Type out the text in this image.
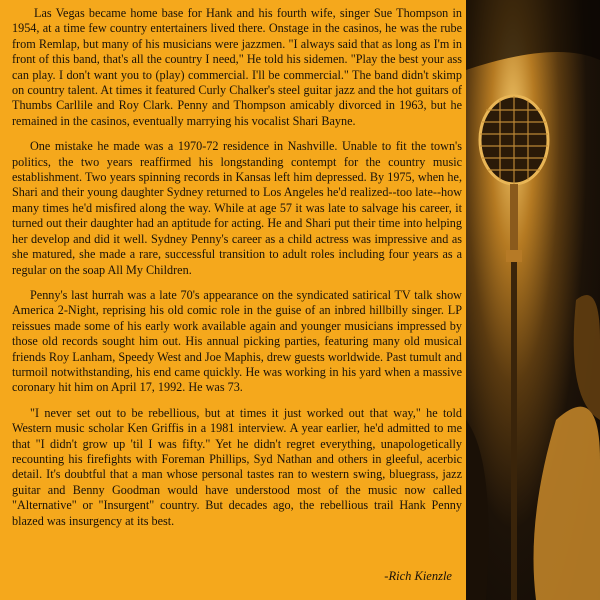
Las Vegas became home base for Hank and his fourth wife, singer Sue Thompson in 1954, at a time few country entertainers lived there. Onstage in the casinos, he was the rube from Remlap, but many of his musicians were jazzmen. "I always said that as long as I'm in front of this band, that's all the country I need," He told his sidemen. "Play the best your ass can play. I don't want you to (play) commercial. I'll be commercial." The band didn't skimp on country talent. At times it featured Curly Chalker's steel guitar jazz and the hot guitars of Thumbs Carllile and Roy Clark. Penny and Thompson amicably divorced in 1963, but he remained in the casinos, eventually marrying his vocalist Shari Bayne.

One mistake he made was a 1970-72 residence in Nashville. Unable to fit the town's politics, the two years reaffirmed his longstanding contempt for the country music establishment. Two years spinning records in Kansas left him depressed. By 1975, when he, Shari and their young daughter Sydney returned to Los Angeles he'd realized--too late--how many times he'd misfired along the way. While at age 57 it was late to salvage his career, it turned out their daughter had an aptitude for acting. He and Shari put their time into helping her develop and did it well. Sydney Penny's career as a child actress was impressive and as she matured, she made a rare, successful transition to adult roles including four years as a regular on the soap All My Children.

Penny's last hurrah was a late 70's appearance on the syndicated satirical TV talk show America 2-Night, reprising his old comic role in the guise of an inbred hillbilly singer. LP reissues made some of his early work available again and younger musicians impressed by those old records sought him out. His annual picking parties, featuring many old musical friends Roy Lanham, Speedy West and Joe Maphis, drew guests worldwide. Past tumult and turmoil notwithstanding, his end came quickly. He was working in his yard when a massive coronary hit him on April 17, 1992. He was 73.

"I never set out to be rebellious, but at times it just worked out that way," he told Western music scholar Ken Griffis in a 1981 interview. A year earlier, he'd admitted to me that "I didn't grow up 'til I was fifty." Yet he didn't regret everything, unapologetically recounting his firefights with Foreman Phillips, Syd Nathan and others in gleeful, acerbic detail. It's doubtful that a man whose personal tastes ran to western swing, bluegrass, jazz guitar and Benny Goodman would have understood most of the music now called "Alternative" or "Insurgent" country. But decades ago, the rebellious trail Hank Penny blazed was insurgency at its best.

-Rich Kienzle
